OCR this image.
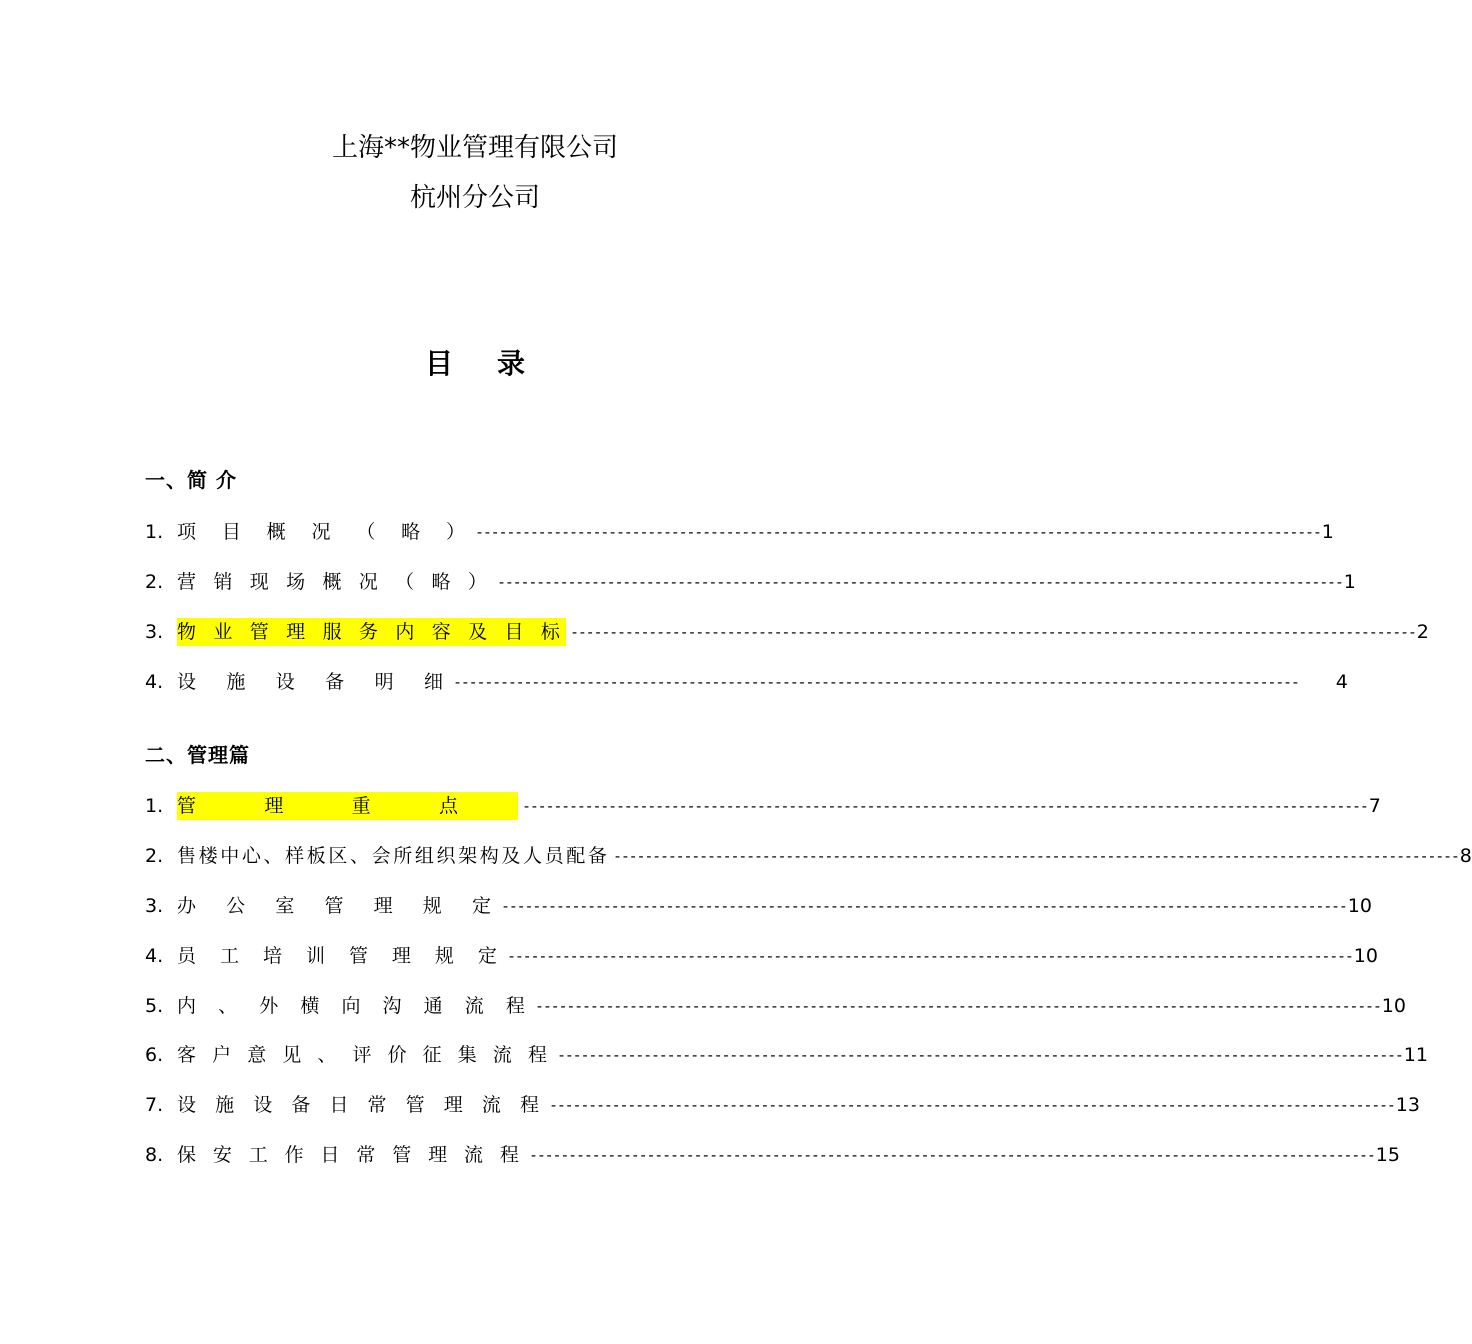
上海**物业管理有限公司
杭州分公司
目录
一、简 介
1. 项 目 概 况 （ 略 ） ------------------------------------------------------------------------------------------------------------ 1
2. 营 销 现 场 概 况 （ 略 ） ------------------------------------------------------------------------------------------------------------ 1
3. 物 业 管 理 服 务 内 容 及 目 标 ------------------------------------------------------------------------------------------------------------ 2
4. 设 施 设 备 明 细 ------------------------------------------------------------------------------------------------------------ 4
二、管理篇
1. 管	理	重	点	------------------------------------------------------------------------------------------------------------ 7
2. 售 楼 中 心 、 样 板 区 、 会 所 组 织 架 构 及 人 员 配 备 ------------------------------------------------------------------------------------------------------------ 8
3. 办 公 室 管 理 规 定 ------------------------------------------------------------------------------------------------------------ 10
4. 员 工 培 训 管 理 规 定 ------------------------------------------------------------------------------------------------------------ 10
5. 内 、 外 横 向 沟 通 流 程 ------------------------------------------------------------------------------------------------------------ 10
6. 客 户 意 见 、 评 价 征 集 流 程 ------------------------------------------------------------------------------------------------------------ 11
7. 设 施 设 备 日 常 管 理 流 程 ------------------------------------------------------------------------------------------------------------ 13
8. 保 安 工 作 日 常 管 理 流 程 ------------------------------------------------------------------------------------------------------------ 15
